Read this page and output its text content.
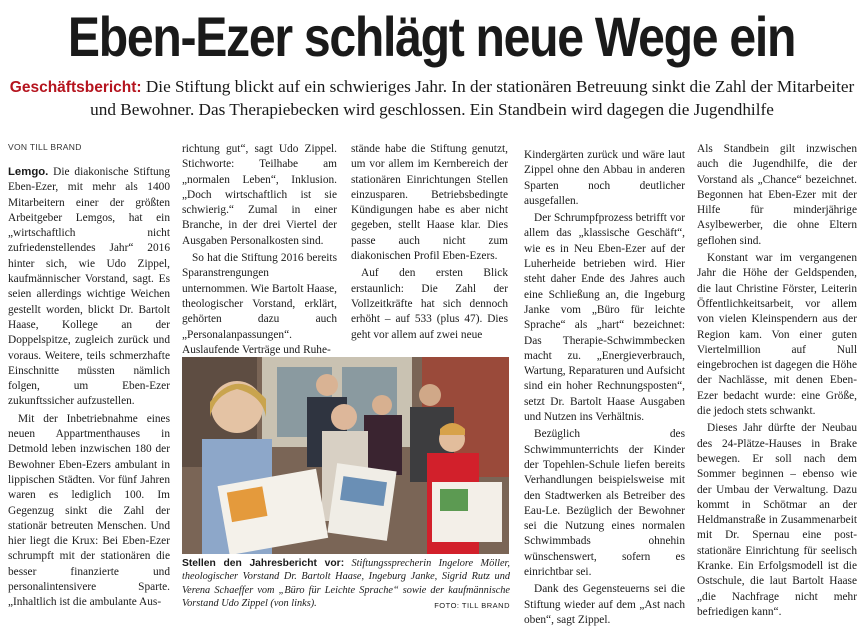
Eben-Ezer schlägt neue Wege ein
Geschäftsbericht: Die Stiftung blickt auf ein schwieriges Jahr. In der stationären Betreuung sinkt die Zahl der Mitarbeiter und Bewohner. Das Therapiebecken wird geschlossen. Ein Standbein wird dagegen die Jugendhilfe
VON TILL BRAND

Lemgo. Die diakonische Stiftung Eben-Ezer, mit mehr als 1400 Mitarbeitern einer der größten Arbeitgeber Lemgos, hat ein „wirtschaftlich nicht zufriedenstellendes Jahr“ 2016 hinter sich, wie Udo Zippel, kaufmännischer Vorstand, sagt. Es seien allerdings wichtige Weichen gestellt worden, blickt Dr. Bartolt Haase, Kollege an der Doppelspitze, zugleich zurück und voraus. Weitere, teils schmerzhafte Einschnitte müssten nämlich folgen, um Eben-Ezer zukunftssicher aufzustellen.

Mit der Inbetriebnahme eines neuen Appartmenthauses in Detmold leben inzwischen 180 der Bewohner Eben-Ezers ambulant in lippischen Städten. Vor fünf Jahren waren es lediglich 100. Im Gegenzug sinkt die Zahl der stationär betreuten Menschen. Und hier liegt die Krux: Bei Eben-Ezer schrumpft mit der stationären die besser finanzierte und personalintensivere Sparte. „Inhaltlich ist die ambulante Aus-

richtung gut“, sagt Udo Zippel. Stichworte: Teilhabe am „normalen Leben“, Inklusion. „Doch wirtschaftlich ist sie schwierig.“ Zumal in einer Branche, in der drei Viertel der Ausgaben Personalkosten sind.

So hat die Stiftung 2016 bereits Sparanstrengungen unternommen. Wie Bartolt Haase, theologischer Vorstand, erklärt, gehörten dazu auch „Personalanpassungen“. Auslaufende Verträge und Ruhe-

stände habe die Stiftung genutzt, um vor allem im Kernbereich der stationären Einrichtungen Stellen einzusparen. Betriebsbedingte Kündigungen habe es aber nicht gegeben, stellt Haase klar. Dies passe auch nicht zum diakonischen Profil Eben-Ezers.

Auf den ersten Blick erstaunlich: Die Zahl der Vollzeitkräfte hat sich dennoch erhöht – auf 533 (plus 47). Dies geht vor allem auf zwei neue

Stellen den Jahresbericht vor: Stiftungssprecherin Ingelore Möller, theologischer Vorstand Dr. Bartolt Haase, Ingeburg Janke, Sigrid Rutz und Verena Schaeffer vom „Büro für Leichte Sprache“ sowie der kaufmännische Vorstand Udo Zippel (von links).	FOTO: TILL BRAND

Kindergärten zurück und wäre laut Zippel ohne den Abbau in anderen Sparten noch deutlicher ausgefallen.

Der Schrumpfprozess betrifft vor allem das „klassische Geschäft“, wie es in Neu Eben-Ezer auf der Luherheide betrieben wird. Hier steht daher Ende des Jahres auch eine Schließung an, die Ingeburg Janke vom „Büro für leichte Sprache“ als „hart“ bezeichnet: Das Therapie-Schwimmbecken macht zu. „Energieverbrauch, Wartung, Reparaturen und Aufsicht sind ein hoher Rechnungsposten“, setzt Dr. Bartolt Haase Ausgaben und Nutzen ins Verhältnis.

Bezüglich des Schwimmunterrichts der Kinder der Topehlen-Schule liefen bereits Verhandlungen beispielsweise mit den Stadtwerken als Betreiber des Eau-Le. Bezüglich der Bewohner sei die Nutzung eines normalen Schwimmbads ohnehin wünschenswert, sofern es einrichtbar sei.

Dank des Gegensteuerns sei die Stiftung wieder auf dem „Ast nach oben“, sagt Zippel.

Als Standbein gilt inzwischen auch die Jugendhilfe, die der Vorstand als „Chance“ bezeichnet. Begonnen hat Eben-Ezer mit der Hilfe für minderjährige Asylbewerber, die ohne Eltern geflohen sind.

Konstant war im vergangenen Jahr die Höhe der Geldspenden, die laut Christine Förster, Leiterin Öffentlichkeitsarbeit, vor allem von vielen Kleinspendern aus der Region kam. Von einer guten Viertelmillion auf Null eingebrochen ist dagegen die Höhe der Nachlässe, mit denen Eben-Ezer bedacht wurde: eine Größe, die jedoch stets schwankt.

Dieses Jahr dürfte der Neubau des 24-Plätze-Hauses in Brake bewegen. Er soll nach dem Sommer beginnen – ebenso wie der Umbau der Verwaltung. Dazu kommt in Schötmar an der Heldmanstraße in Zusammenarbeit mit Dr. Spernau eine post-stationäre Einrichtung für seelisch Kranke. Ein Erfolgsmodell ist die Ostschule, die laut Bartolt Haase „die Nachfrage nicht mehr befriedigen kann“.
